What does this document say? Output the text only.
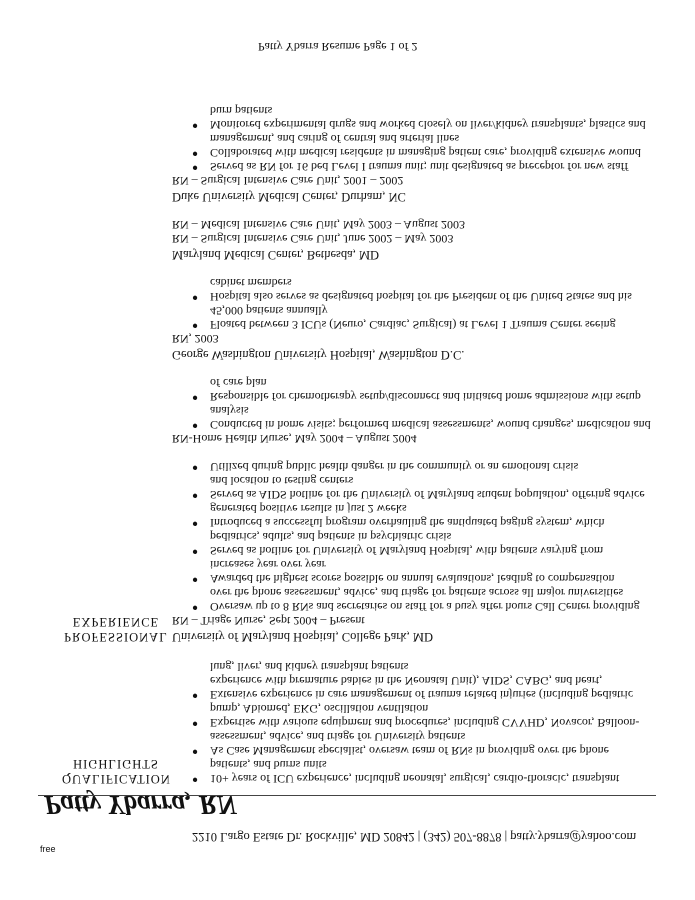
2210 Largo Estate Dr. Rockville, MD 20842 | (342) 507-8878 | patty.ybarra@yahoo.com
Patty Ybarra, RN
QUALIFICATION
HIGHLIGHTS
● 10+ years of ICU experience, including neonatal, surgical, cardio-thoracic, transplant
patients, and burns units
● As Case Management specialist, oversaw team of RNs in providing over the phone
assessment, advice, and triage for University patients
● Expertise with various equipment and procedures, including CVVHD, Novacor, Balloon-
pump, Abiomed, EKG, oscillation ventilation
● Extensive experience in care management of trauma related injuries (including pediatric
experience with premature babies in the Neonatal Unit), AIDS, CABG, and heart,
lung, liver, and kidney transplant patients
PROFESSIONAL
EXPERIENCE
University of Maryland Hospital, College Park, MD
RN – Triage Nurse, Sept 2004 – Present
● Oversaw up to 8 RNs and secretaries on staff for a busy after hours Call Center providing
over the phone assessment, advice, and triage for patients across all major universities
● Awarded the highest scores possible on annual evaluations, leading to compensation
increases year over year
● Served as hotline for University of Maryland Hospital, with patients varying from
pediatrics, adults, and patients in psychiatric crisis
● Introduced a successful program overhauling the antiquated paging system, which
generated positive results in just 2 weeks
● Served as AIDS hotline for the University of Maryland student population, offering advice
and location to testing centers
● Utilized during public health danger in the community or an emotional crisis
RN-Home Health Nurse, May 2004 – August 2004
● Conducted in home visits; performed medical assessments, wound changes, medication and
analysis
● Responsible for chemotherapy setup/disconnect and initiated home admissions with setup
of care plan
George Washington University Hospital, Washington D.C.
RN, 2003
● Floated between 3 ICUs (Neuro, Cardiac, Surgical) at Level 1 Trauma Center seeing
45,000 patients annually
● Hospital also serves as designated hospital for the President of the United States and his
cabinet members
Maryland Medical Center, Bethesda, MD
RN – Surgical Intensive Care Unit, June 2002 – May 2003
RN – Medical Intensive Care Unit, May 2003 – August 2003
Duke University Medical Center, Durham, NC
RN – Surgical Intensive Care Unit, 2001 – 2002
● Served as RN for 16 bed Level I trauma unit; unit designated as preceptor for new staff
● Collaborated with medical residents in managing patient care, providing extensive wound
management, and caring of central and arterial lines
● Monitored experimental drugs and worked closely on liver/kidney transplants, plastics and
burn patients
Patty Ybarra Resume Page 1 of 2
free
